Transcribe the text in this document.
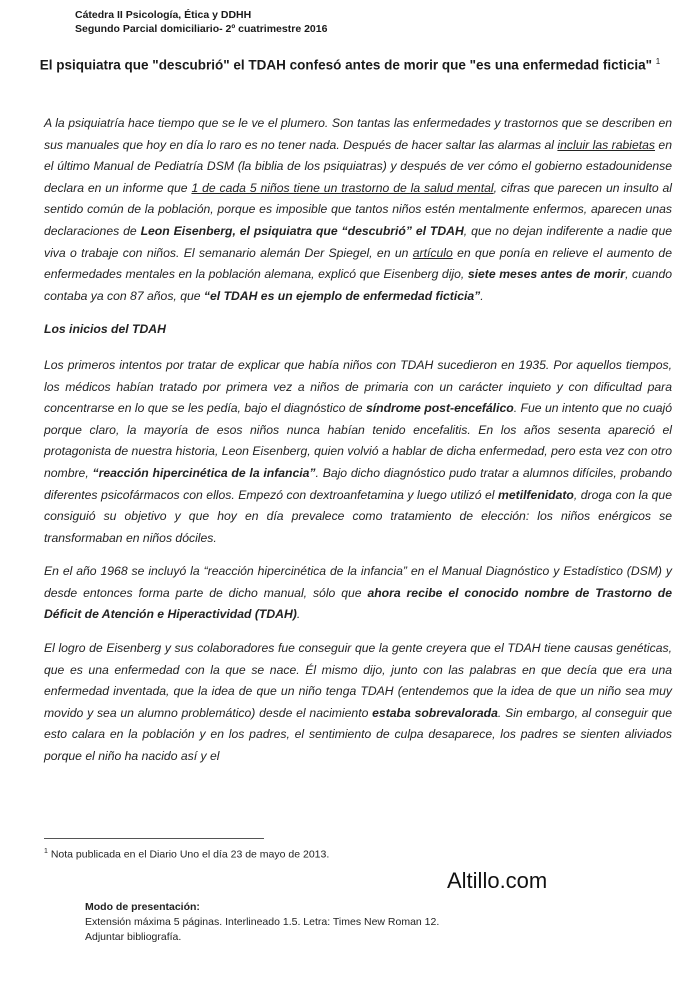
Cátedra II Psicología, Ética y DDHH
Segundo Parcial domiciliario- 2º cuatrimestre 2016
El psiquiatra que "descubrió" el TDAH confesó antes de morir que "es una enfermedad ficticia" $^1$

A la psiquiatría hace tiempo que se le ve el plumero. Son tantas las enfermedades y trastornos que se describen en sus manuales que hoy en día lo raro es no tener nada. Después de hacer saltar las alarmas al incluir las rabietas en el último Manual de Pediatría DSM (la biblia de los psiquiatras) y después de ver cómo el gobierno estadounidense declara en un informe que 1 de cada 5 niños tiene un trastorno de la salud mental, cifras que parecen un insulto al sentido común de la población, porque es imposible que tantos niños estén mentalmente enfermos, aparecen unas declaraciones de Leon Eisenberg, el psiquiatra que “descubrió” el TDAH, que no dejan indiferente a nadie que viva o trabaje con niños. El semanario alemán Der Spiegel, en un artículo en que ponía en relieve el aumento de enfermedades mentales en la población alemana, explicó que Eisenberg dijo, siete meses antes de morir, cuando contaba ya con 87 años, que “el TDAH es un ejemplo de enfermedad ficticia”.

Los inicios del TDAH

Los primeros intentos por tratar de explicar que había niños con TDAH sucedieron en 1935. Por aquellos tiempos, los médicos habían tratado por primera vez a niños de primaria con un carácter inquieto y con dificultad para concentrarse en lo que se les pedía, bajo el diagnóstico de síndrome post-encefálico. Fue un intento que no cuajó porque claro, la mayoría de esos niños nunca habían tenido encefalitis. En los años sesenta apareció el protagonista de nuestra historia, Leon Eisenberg, quien volvió a hablar de dicha enfermedad, pero esta vez con otro nombre, “reacción hipercinética de la infancia”. Bajo dicho diagnóstico pudo tratar a alumnos difíciles, probando diferentes psicofármacos con ellos. Empezó con dextroanfetamina y luego utilizó el metilfenidato, droga con la que consiguió su objetivo y que hoy en día prevalece como tratamiento de elección: los niños enérgicos se transformaban en niños dóciles.

En el año 1968 se incluyó la “reacción hipercinética de la infancia” en el Manual Diagnóstico y Estadístico (DSM) y desde entonces forma parte de dicho manual, sólo que ahora recibe el conocido nombre de Trastorno de Déficit de Atención e Hiperactividad (TDAH).

El logro de Eisenberg y sus colaboradores fue conseguir que la gente creyera que el TDAH tiene causas genéticas, que es una enfermedad con la que se nace. Él mismo dijo, junto con las palabras en que decía que era una enfermedad inventada, que la idea de que un niño tenga TDAH (entendemos que la idea de que un niño sea muy movido y sea un alumno problemático) desde el nacimiento estaba sobrevalorada. Sin embargo, al conseguir que esto calara en la población y en los padres, el sentimiento de culpa desaparece, los padres se sienten aliviados porque el niño ha nacido así y el

$^1$ Nota publicada en el Diario Uno el día 23 de mayo de 2013.
Altillo.com
Modo de presentación:
Extensión máxima 5 páginas. Interlineado 1.5. Letra: Times New Roman 12.
Adjuntar bibliografía.
